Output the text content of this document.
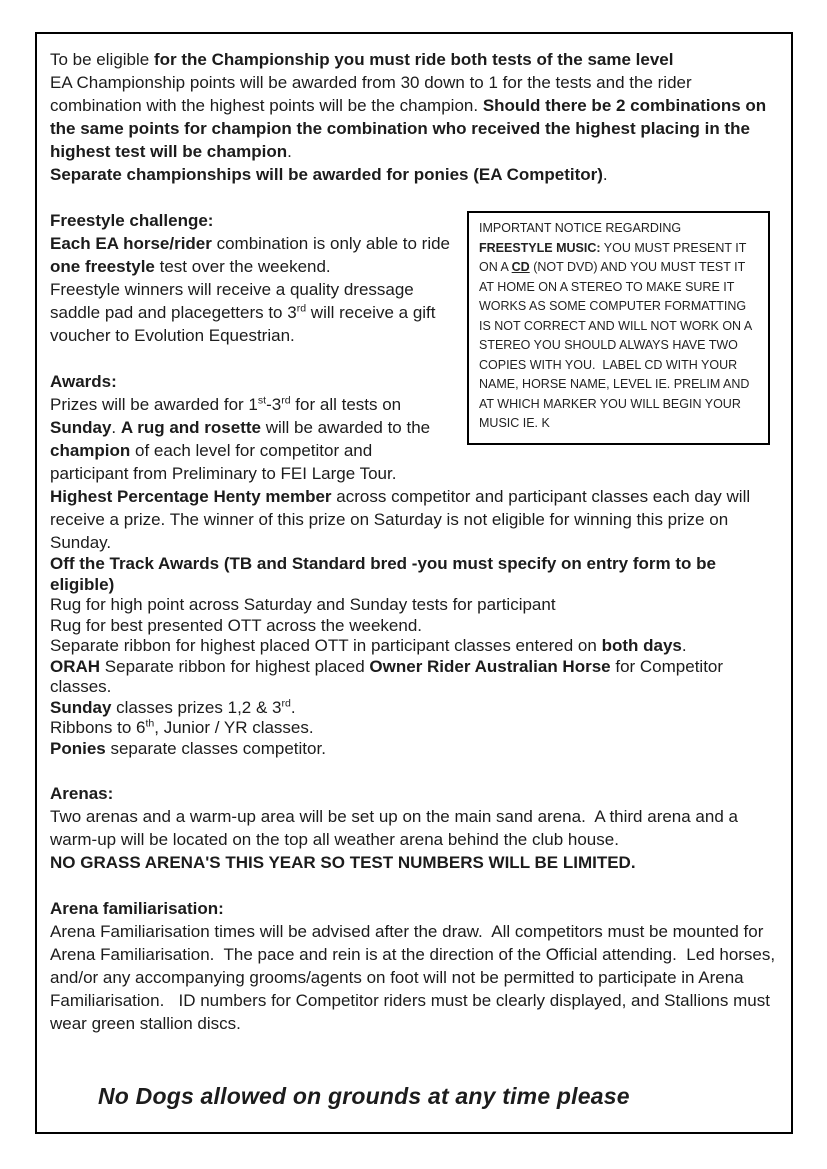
To be eligible for the Championship you must ride both tests of the same level

EA Championship points will be awarded from 30 down to 1 for the tests and the rider combination with the highest points will be the champion. Should there be 2 combinations on the same points for champion the combination who received the highest placing in the highest test will be champion.

Separate championships will be awarded for ponies (EA Competitor).

IMPORTANT NOTICE REGARDING FREESTYLE MUSIC: YOU MUST PRESENT IT ON A CD (NOT DVD) AND YOU MUST TEST IT AT HOME ON A STEREO TO MAKE SURE IT WORKS AS SOME COMPUTER FORMATTING IS NOT CORRECT AND WILL NOT WORK ON A STEREO YOU SHOULD ALWAYS HAVE TWO COPIES WITH YOU.  LABEL CD WITH YOUR NAME, HORSE NAME, LEVEL IE. PRELIM AND AT WHICH MARKER YOU WILL BEGIN YOUR MUSIC IE. K

Freestyle challenge:

Each EA horse/rider combination is only able to ride one freestyle test over the weekend.

Freestyle winners will receive a quality dressage saddle pad and placegetters to 3rd will receive a gift voucher to Evolution Equestrian.

Awards:

Prizes will be awarded for 1st-3rd for all tests on Sunday. A rug and rosette will be awarded to the champion of each level for competitor and participant from Preliminary to FEI Large Tour.

Highest Percentage Henty member across competitor and participant classes each day will receive a prize. The winner of this prize on Saturday is not eligible for winning this prize on Sunday.

Off the Track Awards (TB and Standard bred -you must specify on entry form to be eligible)

Rug for high point across Saturday and Sunday tests for participant

Rug for best presented OTT across the weekend.

Separate ribbon for highest placed OTT in participant classes entered on both days.

ORAH Separate ribbon for highest placed Owner Rider Australian Horse for Competitor classes.

Sunday classes prizes 1,2 & 3rd.

Ribbons to 6th, Junior / YR classes.

Ponies separate classes competitor.

Arenas:

Two arenas and a warm-up area will be set up on the main sand arena.  A third arena and a warm-up will be located on the top all weather arena behind the club house.

NO GRASS ARENA'S THIS YEAR SO TEST NUMBERS WILL BE LIMITED.

Arena familiarisation:

Arena Familiarisation times will be advised after the draw.  All competitors must be mounted for Arena Familiarisation.  The pace and rein is at the direction of the Official attending.  Led horses, and/or any accompanying grooms/agents on foot will not be permitted to participate in Arena Familiarisation.   ID numbers for Competitor riders must be clearly displayed, and Stallions must wear green stallion discs.

No Dogs allowed on grounds at any time please
